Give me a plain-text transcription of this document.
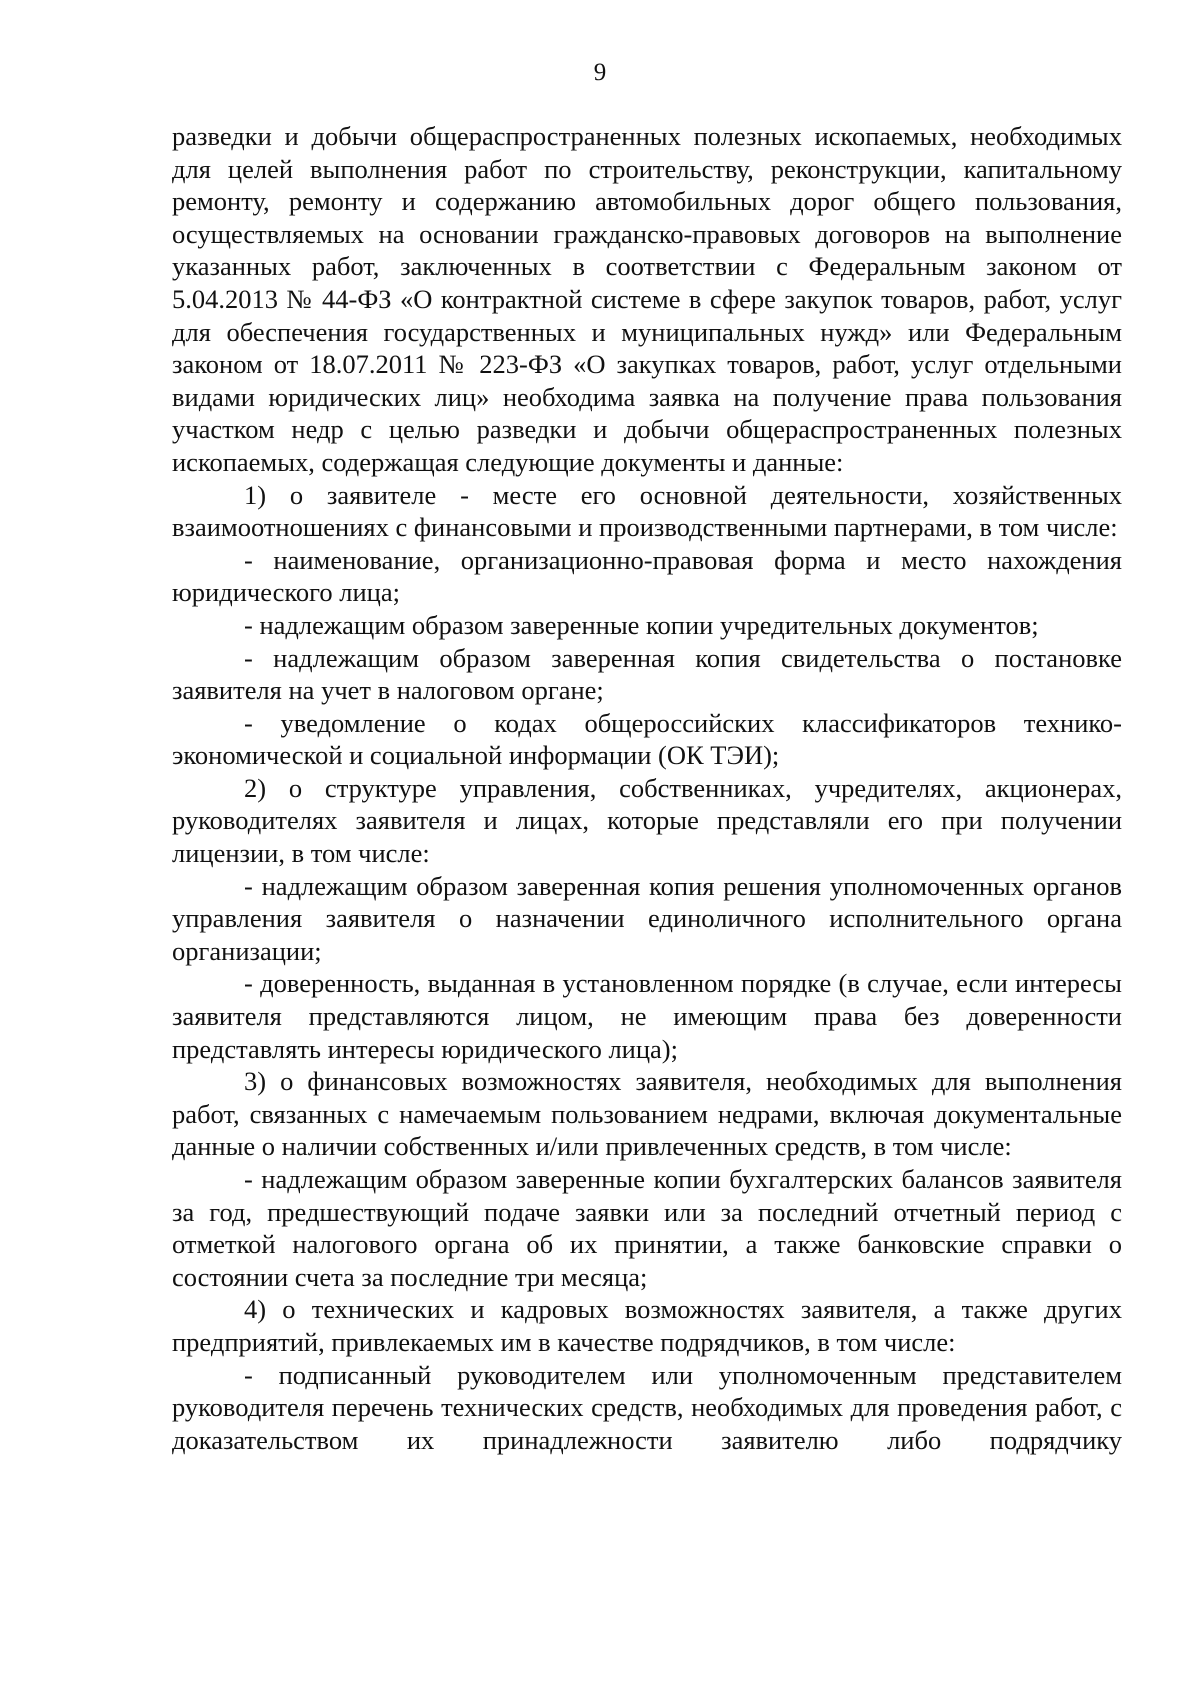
9

разведки и добычи общераспространенных полезных ископаемых, необходимых для целей выполнения работ по строительству, реконструкции, капитальному ремонту, ремонту и содержанию автомобильных дорог общего пользования, осуществляемых на основании гражданско-правовых договоров на выполнение указанных работ, заключенных в соответствии с Федеральным законом от 5.04.2013 № 44-ФЗ «О контрактной системе в сфере закупок товаров, работ, услуг для обеспечения государственных и муниципальных нужд» или Федеральным законом от 18.07.2011 № 223-ФЗ «О закупках товаров, работ, услуг отдельными видами юридических лиц» необходима заявка на получение права пользования участком недр с целью разведки и добычи общераспространенных полезных ископаемых, содержащая следующие документы и данные:

1) о заявителе - месте его основной деятельности, хозяйственных взаимоотношениях с финансовыми и производственными партнерами, в том числе:

- наименование, организационно-правовая форма и место нахождения юридического лица;

- надлежащим образом заверенные копии учредительных документов;

- надлежащим образом заверенная копия свидетельства о постановке заявителя на учет в налоговом органе;

- уведомление о кодах общероссийских классификаторов технико-экономической и социальной информации (ОК ТЭИ);

2) о структуре управления, собственниках, учредителях, акционерах, руководителях заявителя и лицах, которые представляли его при получении лицензии, в том числе:

- надлежащим образом заверенная копия решения уполномоченных органов управления заявителя о назначении единоличного исполнительного органа организации;

- доверенность, выданная в установленном порядке (в случае, если интересы заявителя представляются лицом, не имеющим права без доверенности представлять интересы юридического лица);

3) о финансовых возможностях заявителя, необходимых для выполнения работ, связанных с намечаемым пользованием недрами, включая документальные данные о наличии собственных и/или привлеченных средств, в том числе:

- надлежащим образом заверенные копии бухгалтерских балансов заявителя за год, предшествующий подаче заявки или за последний отчетный период с отметкой налогового органа об их принятии, а также банковские справки о состоянии счета за последние три месяца;

4) о технических и кадровых возможностях заявителя, а также других предприятий, привлекаемых им в качестве подрядчиков, в том числе:

- подписанный руководителем или уполномоченным представителем руководителя перечень технических средств, необходимых для проведения работ, с доказательством их принадлежности заявителю либо подрядчику
